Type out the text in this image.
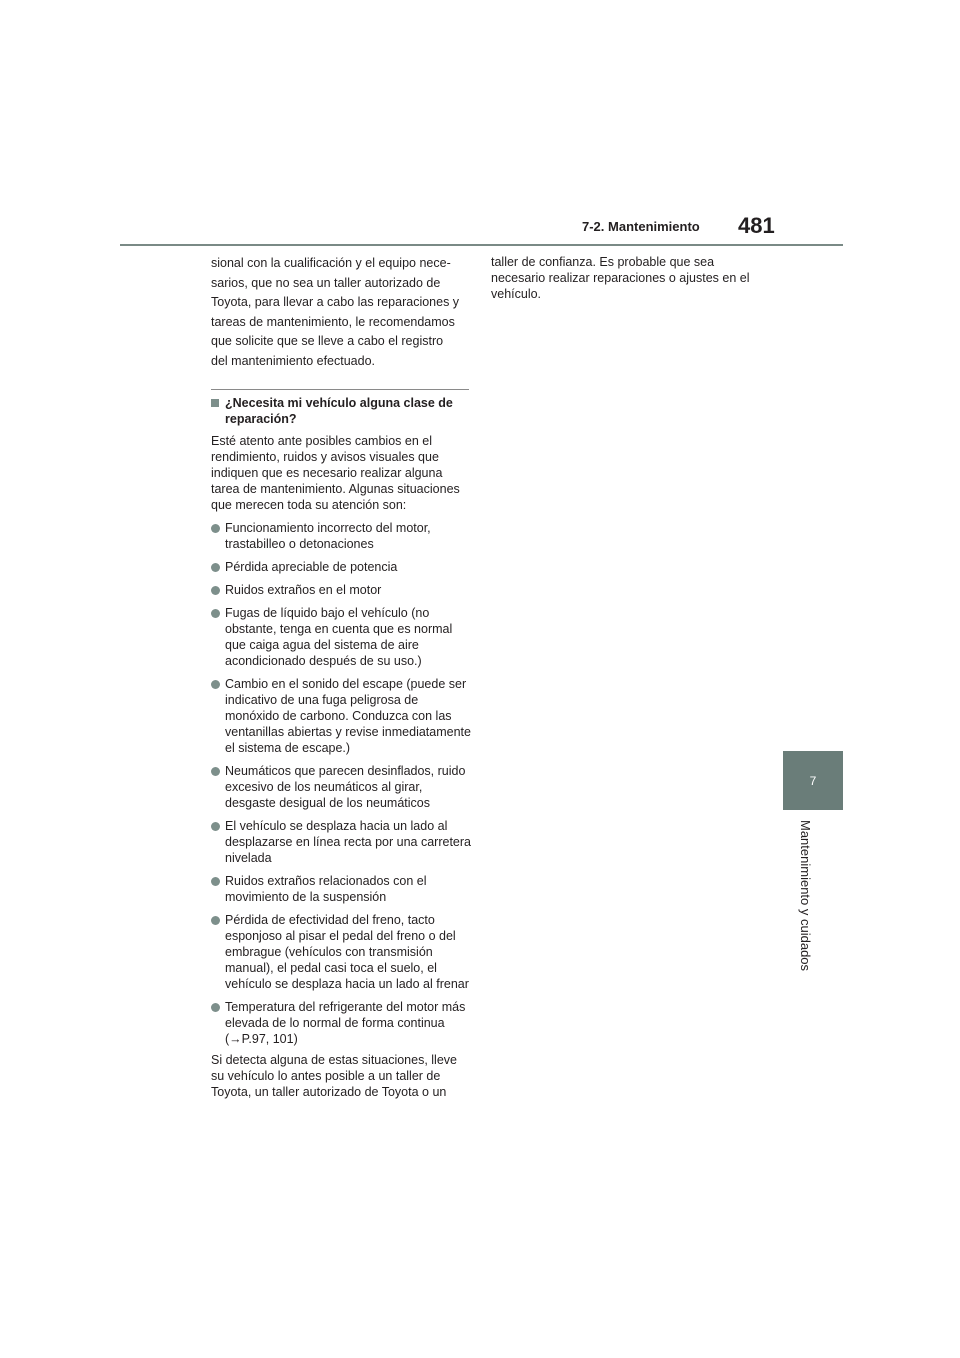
7-2. Mantenimiento 481
7
Mantenimiento y cuidados
sional con la cualificación y el equipo nece-
sarios, que no sea un taller autorizado de
Toyota, para llevar a cabo las reparaciones y
tareas de mantenimiento, le recomendamos
que solicite que se lleve a cabo el registro
del mantenimiento efectuado.
¿Necesita mi vehículo alguna clase de reparación?
Esté atento ante posibles cambios en el rendimiento, ruidos y avisos visuales que indiquen que es necesario realizar alguna tarea de mantenimiento. Algunas situaciones que merecen toda su atención son:
Funcionamiento incorrecto del motor, trastabilleo o detonaciones
Pérdida apreciable de potencia
Ruidos extraños en el motor
Fugas de líquido bajo el vehículo (no obstante, tenga en cuenta que es normal que caiga agua del sistema de aire acondicionado después de su uso.)
Cambio en el sonido del escape (puede ser indicativo de una fuga peligrosa de monóxido de carbono. Conduzca con las ventanillas abiertas y revise inmediatamente el sistema de escape.)
Neumáticos que parecen desinflados, ruido excesivo de los neumáticos al girar, desgaste desigual de los neumáticos
El vehículo se desplaza hacia un lado al desplazarse en línea recta por una carretera nivelada
Ruidos extraños relacionados con el movimiento de la suspensión
Pérdida de efectividad del freno, tacto esponjoso al pisar el pedal del freno o del embrague (vehículos con transmisión manual), el pedal casi toca el suelo, el vehículo se desplaza hacia un lado al frenar
Temperatura del refrigerante del motor más elevada de lo normal de forma continua (→P.97, 101)
Si detecta alguna de estas situaciones, lleve su vehículo lo antes posible a un taller de Toyota, un taller autorizado de Toyota o un
taller de confianza. Es probable que sea necesario realizar reparaciones o ajustes en el vehículo.
